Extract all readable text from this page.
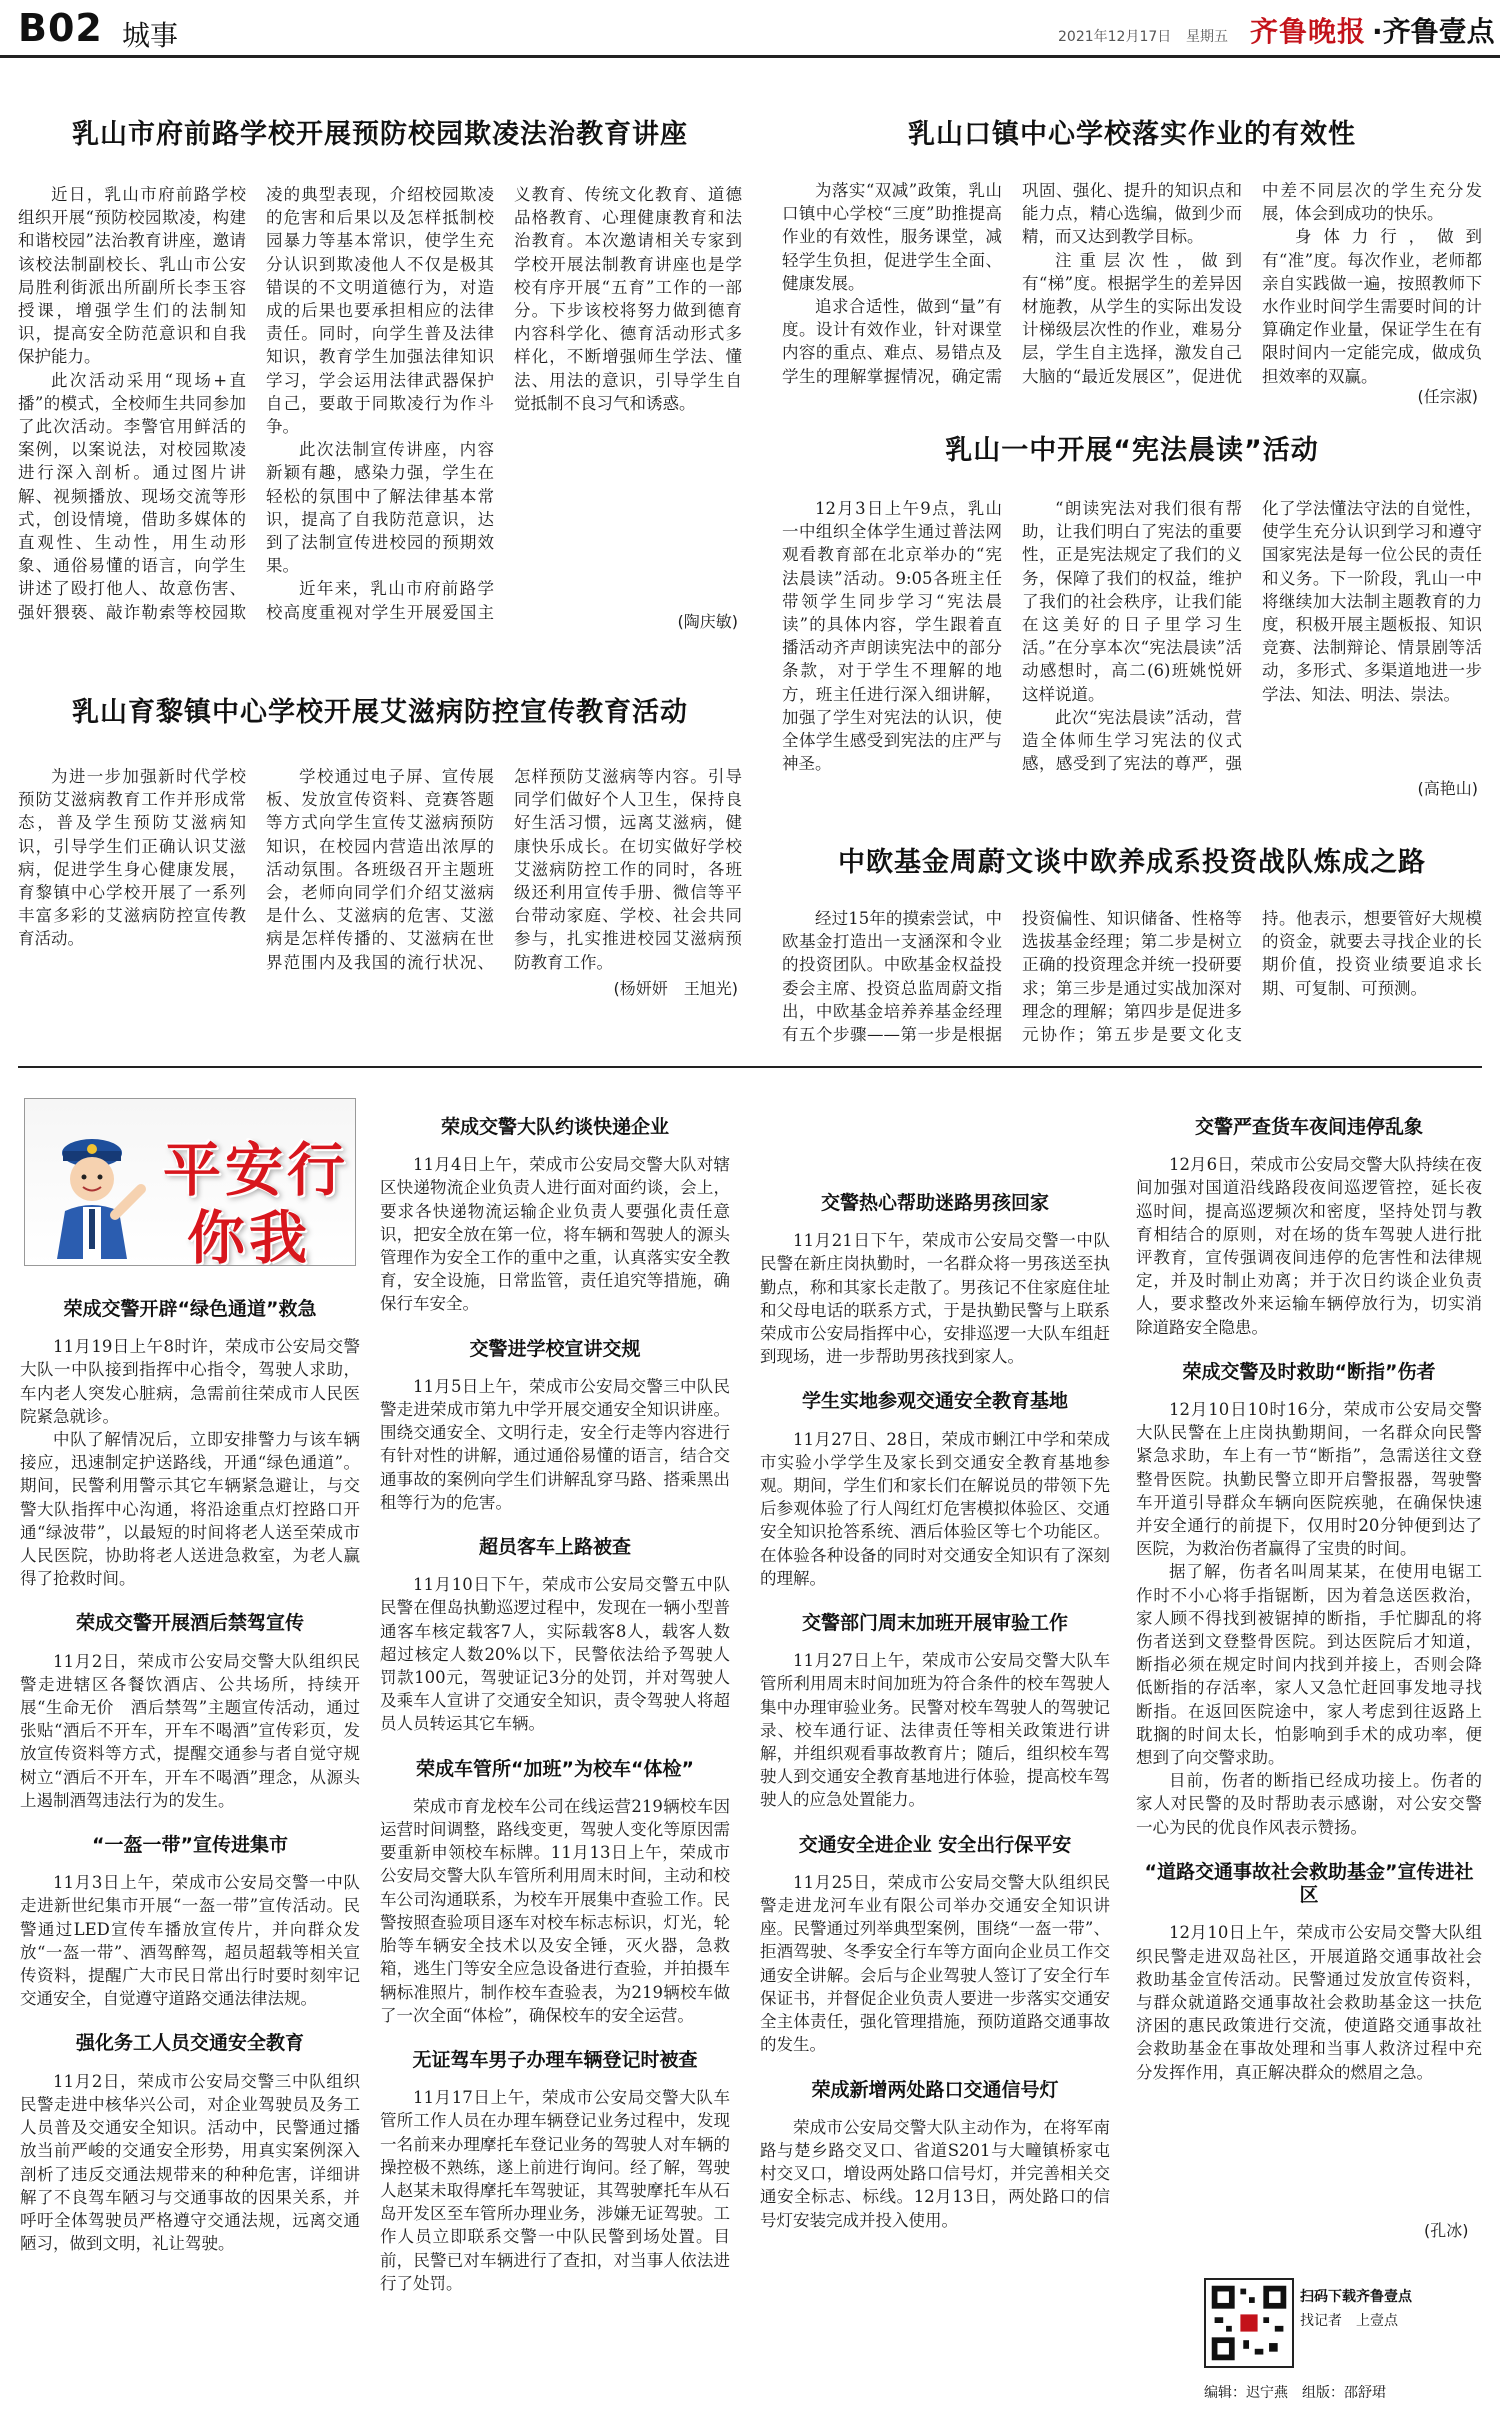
B02 城事	2021年12月17日 星期五 齐鲁晚报 ·齐鲁壹点
乳山市府前路学校开展预防校园欺凌法治教育讲座

近日，乳山市府前路学校组织开展“预防校园欺凌，构建和谐校园”法治教育讲座，邀请该校法制副校长、乳山市公安局胜利街派出所副所长李玉容授课，增强学生们的法制知识，提高安全防范意识和自我保护能力。

此次活动采用“现场+直播”的模式，全校师生共同参加了此次活动。李警官用鲜活的案例，以案说法，对校园欺凌进行深入剖析。通过图片讲解、视频播放、现场交流等形式，创设情境，借助多媒体的直观性、生动性，用生动形象、通俗易懂的语言，向学生讲述了殴打他人、故意伤害、强奸猥亵、敲诈勒索等校园欺凌的典型表现，介绍校园欺凌的危害和后果以及怎样抵制校园暴力等基本常识，使学生充分认识到欺凌他人不仅是极其错误的不文明道德行为，对造成的后果也要承担相应的法律责任。同时，向学生普及法律知识，教育学生加强法律知识学习，学会运用法律武器保护自己，要敢于同欺凌行为作斗争。

此次法制宣传讲座，内容新颖有趣，感染力强，学生在轻松的氛围中了解法律基本常识，提高了自我防范意识，达到了法制宣传进校园的预期效果。

近年来，乳山市府前路学校高度重视对学生开展爱国主义教育、传统文化教育、道德品格教育、心理健康教育和法治教育。本次邀请相关专家到学校开展法制教育讲座也是学校有序开展“五育”工作的一部分。下步该校将努力做到德育内容科学化、德育活动形式多样化，不断增强师生学法、懂法、用法的意识，引导学生自觉抵制不良习气和诱惑。

(陶庆敏)
乳山口镇中心学校落实作业的有效性

为落实“双减”政策，乳山口镇中心学校“三度”助推提高作业的有效性，服务课堂，减轻学生负担，促进学生全面、健康发展。

追求合适性，做到“量”有度。设计有效作业，针对课堂内容的重点、难点、易错点及学生的理解掌握情况，确定需巩固、强化、提升的知识点和能力点，精心选编，做到少而精，而又达到教学目标。

注重层次性，做到有“梯”度。根据学生的差异因材施教，从学生的实际出发设计梯级层次性的作业，难易分层，学生自主选择，激发自己大脑的“最近发展区”，促进优中差不同层次的学生充分发展，体会到成功的快乐。

身体力行，做到有“准”度。每次作业，老师都亲自实践做一遍，按照教师下水作业时间学生需要时间的计算确定作业量，保证学生在有限时间内一定能完成，做成负担效率的双赢。

(任宗淑)
乳山一中开展“宪法晨读”活动

12月3日上午9点，乳山一中组织全体学生通过普法网观看教育部在北京举办的“宪法晨读”活动。9:05各班主任带领学生同步学习“宪法晨读”的具体内容，学生跟着直播活动齐声朗读宪法中的部分条款，对于学生不理解的地方，班主任进行深入细讲解，加强了学生对宪法的认识，使全体学生感受到宪法的庄严与神圣。

“朗读宪法对我们很有帮助，让我们明白了宪法的重要性，正是宪法规定了我们的义务，保障了我们的权益，维护了我们的社会秩序，让我们能在这美好的日子里学习生活。”在分享本次“宪法晨读”活动感想时，高二(6)班姚悦妍这样说道。

此次“宪法晨读”活动，营造全体师生学习宪法的仪式感，感受到了宪法的尊严，强化了学法懂法守法的自觉性，使学生充分认识到学习和遵守国家宪法是每一位公民的责任和义务。下一阶段，乳山一中将继续加大法制主题教育的力度，积极开展主题板报、知识竞赛、法制辩论、情景剧等活动，多形式、多渠道地进一步学法、知法、明法、崇法。

(高艳山)
乳山育黎镇中心学校开展艾滋病防控宣传教育活动

为进一步加强新时代学校预防艾滋病教育工作并形成常态，普及学生预防艾滋病知识，引导学生们正确认识艾滋病，促进学生身心健康发展，育黎镇中心学校开展了一系列丰富多彩的艾滋病防控宣传教育活动。

学校通过电子屏、宣传展板、发放宣传资料、竞赛答题等方式向学生宣传艾滋病预防知识，在校园内营造出浓厚的活动氛围。各班级召开主题班会，老师向同学们介绍艾滋病是什么、艾滋病的危害、艾滋病是怎样传播的、艾滋病在世界范围内及我国的流行状况、怎样预防艾滋病等内容。引导同学们做好个人卫生，保持良好生活习惯，远离艾滋病，健康快乐成长。在切实做好学校艾滋病防控工作的同时，各班级还利用宣传手册、微信等平台带动家庭、学校、社会共同参与，扎实推进校园艾滋病预防教育工作。

(杨妍妍　王旭光)
中欧基金周蔚文谈中欧养成系投资战队炼成之路

经过15年的摸索尝试，中欧基金打造出一支涵深和令业的投资团队。中欧基金权益投委会主席、投资总监周蔚文指出，中欧基金培养养基金经理有五个步骤——第一步是根据投资偏性、知识储备、性格等选拔基金经理；第二步是树立正确的投资理念并统一投研要求；第三步是通过实战加深对理念的理解；第四步是促进多元协作；第五步是要文化支持。他表示，想要管好大规模的资金，就要去寻找企业的长期价值，投资业绩要追求长期、可复制、可预测。

平安行
你我
荣成交警开辟“绿色通道”救急

11月19日上午8时许，荣成市公安局交警大队一中队接到指挥中心指令，驾驶人求助，车内老人突发心脏病，急需前往荣成市人民医院紧急就诊。

中队了解情况后，立即安排警力与该车辆接应，迅速制定护送路线，开通“绿色通道”。期间，民警利用警示其它车辆紧急避让，与交警大队指挥中心沟通，将沿途重点灯控路口开通“绿波带”，以最短的时间将老人送至荣成市人民医院，协助将老人送进急救室，为老人赢得了抢救时间。

荣成交警开展酒后禁驾宣传

11月2日，荣成市公安局交警大队组织民警走进辖区各餐饮酒店、公共场所，持续开展“生命无价　酒后禁驾”主题宣传活动，通过张贴“酒后不开车，开车不喝酒”宣传彩页，发放宣传资料等方式，提醒交通参与者自觉守规树立“酒后不开车，开车不喝酒”理念，从源头上遏制酒驾违法行为的发生。

“一盔一带”宣传进集市

11月3日上午，荣成市公安局交警一中队走进新世纪集市开展“一盔一带”宣传活动。民警通过LED宣传车播放宣传片，并向群众发放“一盔一带”、酒驾醉驾，超员超载等相关宣传资料，提醒广大市民日常出行时要时刻牢记交通安全，自觉遵守道路交通法律法规。

强化务工人员交通安全教育

11月2日，荣成市公安局交警三中队组织民警走进中核华兴公司，对企业驾驶员及务工人员普及交通安全知识。活动中，民警通过播放当前严峻的交通安全形势，用真实案例深入剖析了违反交通法规带来的种种危害，详细讲解了不良驾车陋习与交通事故的因果关系，并呼吁全体驾驶员严格遵守交通法规，远离交通陋习，做到文明，礼让驾驶。

荣成交警大队约谈快递企业

11月4日上午，荣成市公安局交警大队对辖区快递物流企业负责人进行面对面约谈，会上，要求各快递物流运输企业负责人要强化责任意识，把安全放在第一位，将车辆和驾驶人的源头管理作为安全工作的重中之重，认真落实安全教育，安全设施，日常监管，责任追究等措施，确保行车安全。

交警进学校宣讲交规

11月5日上午，荣成市公安局交警三中队民警走进荣成市第九中学开展交通安全知识讲座。围绕交通安全、文明行走，安全行走等内容进行有针对性的讲解，通过通俗易懂的语言，结合交通事故的案例向学生们讲解乱穿马路、搭乘黑出租等行为的危害。

超员客车上路被查

11月10日下午，荣成市公安局交警五中队民警在俚岛执勤巡逻过程中，发现在一辆小型普通客车核定载客7人，实际载客8人，载客人数超过核定人数20%以下，民警依法给予驾驶人罚款100元，驾驶证记3分的处罚，并对驾驶人及乘车人宣讲了交通安全知识，责令驾驶人将超员人员转运其它车辆。

荣成车管所“加班”为校车“体检”

荣成市育龙校车公司在线运营219辆校车因运营时间调整，路线变更，驾驶人变化等原因需要重新申领校车标牌。11月13日上午，荣成市公安局交警大队车管所利用周末时间，主动和校车公司沟通联系，为校车开展集中查验工作。民警按照查验项目逐车对校车标志标识，灯光，轮胎等车辆安全技术以及安全锤，灭火器，急救箱，逃生门等安全应急设备进行查验，并拍摄车辆标准照片，制作校车查验表，为219辆校车做了一次全面“体检”，确保校车的安全运营。

无证驾车男子办理车辆登记时被查

11月17日上午，荣成市公安局交警大队车管所工作人员在办理车辆登记业务过程中，发现一名前来办理摩托车登记业务的驾驶人对车辆的操控极不熟练，遂上前进行询问。经了解，驾驶人赵某未取得摩托车驾驶证，其驾驶摩托车从石岛开发区至车管所办理业务，涉嫌无证驾驶。工作人员立即联系交警一中队民警到场处置。目前，民警已对车辆进行了查扣，对当事人依法进行了处罚。

交警热心帮助迷路男孩回家

11月21日下午，荣成市公安局交警一中队民警在新庄岗执勤时，一名群众将一男孩送至执勤点，称和其家长走散了。男孩记不住家庭住址和父母电话的联系方式，于是执勤民警与上联系荣成市公安局指挥中心，安排巡逻一大队车组赶到现场，进一步帮助男孩找到家人。

学生实地参观交通安全教育基地

11月27日、28日，荣成市蜊江中学和荣成市实验小学学生及家长到交通安全教育基地参观。期间，学生们和家长们在解说员的带领下先后参观体验了行人闯红灯危害模拟体验区、交通安全知识抢答系统、酒后体验区等七个功能区。在体验各种设备的同时对交通安全知识有了深刻的理解。

交警部门周末加班开展审验工作

11月27日上午，荣成市公安局交警大队车管所利用周末时间加班为符合条件的校车驾驶人集中办理审验业务。民警对校车驾驶人的驾驶记录、校车通行证、法律责任等相关政策进行讲解，并组织观看事故教育片；随后，组织校车驾驶人到交通安全教育基地进行体验，提高校车驾驶人的应急处置能力。

交通安全进企业 安全出行保平安

11月25日，荣成市公安局交警大队组织民警走进龙河车业有限公司举办交通安全知识讲座。民警通过列举典型案例，围绕“一盔一带”、拒酒驾驶、冬季安全行车等方面向企业员工作交通安全讲解。会后与企业驾驶人签订了安全行车保证书，并督促企业负责人要进一步落实交通安全主体责任，强化管理措施，预防道路交通事故的发生。

荣成新增两处路口交通信号灯

荣成市公安局交警大队主动作为，在将军南路与楚乡路交叉口、省道S201与大疃镇桥家屯村交叉口，增设两处路口信号灯，并完善相关交通安全标志、标线。12月13日，两处路口的信号灯安装完成并投入使用。

交警严查货车夜间违停乱象

12月6日，荣成市公安局交警大队持续在夜间加强对国道沿线路段夜间巡逻管控，延长夜巡时间，提高巡逻频次和密度，坚持处罚与教育相结合的原则，对在场的货车驾驶人进行批评教育，宣传强调夜间违停的危害性和法律规定，并及时制止劝离；并于次日约谈企业负责人，要求整改外来运输车辆停放行为，切实消除道路安全隐患。

荣成交警及时救助“断指”伤者

12月10日10时16分，荣成市公安局交警大队民警在上庄岗执勤期间，一名群众向民警紧急求助，车上有一节“断指”，急需送往文登整骨医院。执勤民警立即开启警报器，驾驶警车开道引导群众车辆向医院疾驰，在确保快速并安全通行的前提下，仅用时20分钟便到达了医院，为救治伤者赢得了宝贵的时间。

据了解，伤者名叫周某某，在使用电锯工作时不小心将手指锯断，因为着急送医救治，家人顾不得找到被锯掉的断指，手忙脚乱的将伤者送到文登整骨医院。到达医院后才知道，断指必须在规定时间内找到并接上，否则会降低断指的存活率，家人又急忙赶回事发地寻找断指。在返回医院途中，家人考虑到往返路上耽搁的时间太长，怕影响到手术的成功率，便想到了向交警求助。

目前，伤者的断指已经成功接上。伤者的家人对民警的及时帮助表示感谢，对公安交警一心为民的优良作风表示赞扬。

“道路交通事故社会救助基金”宣传进社区

12月10日上午，荣成市公安局交警大队组织民警走进双岛社区，开展道路交通事故社会救助基金宣传活动。民警通过发放宣传资料，与群众就道路交通事故社会救助基金这一扶危济困的惠民政策进行交流，使道路交通事故社会救助基金在事故处理和当事人救济过程中充分发挥作用，真正解决群众的燃眉之急。

(孔冰)
扫码下载齐鲁壹点
找记者　上壹点
编辑：迟宁燕　组版：邵舒珺
